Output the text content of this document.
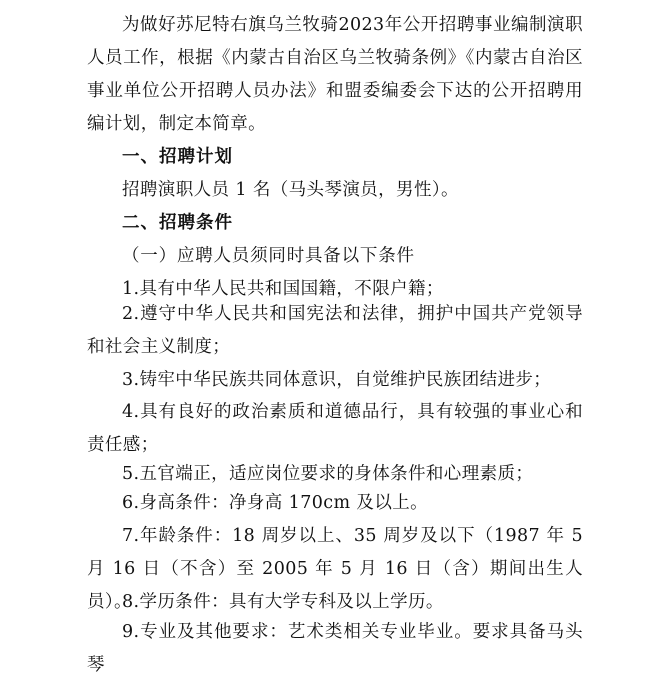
为做好苏尼特右旗乌兰牧骑2023年公开招聘事业编制演职人员工作，根据《内蒙古自治区乌兰牧骑条例》《内蒙古自治区事业单位公开招聘人员办法》和盟委编委会下达的公开招聘用编计划，制定本简章。

一、招聘计划

招聘演职人员 1 名（马头琴演员，男性）。

二、招聘条件

（一）应聘人员须同时具备以下条件

1.具有中华人民共和国国籍，不限户籍；

2.遵守中华人民共和国宪法和法律，拥护中国共产党领导和社会主义制度；

3.铸牢中华民族共同体意识，自觉维护民族团结进步；

4.具有良好的政治素质和道德品行，具有较强的事业心和责任感；

5.五官端正，适应岗位要求的身体条件和心理素质；

6.身高条件：净身高 170cm 及以上。

7.年龄条件：18 周岁以上、35 周岁及以下（1987 年 5 月 16 日（不含）至 2005 年 5 月 16 日（含）期间出生人员）。

8.学历条件：具有大学专科及以上学历。

9.专业及其他要求：艺术类相关专业毕业。要求具备马头琴
